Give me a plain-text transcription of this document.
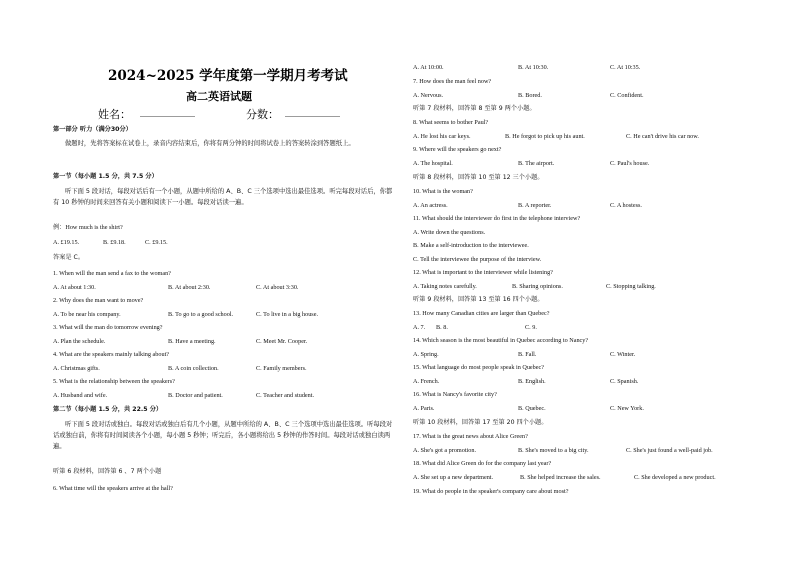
2024~2025 学年度第一学期月考考试
高二英语试题
姓名： ___________	分数： ___________
第一部分 听力（满分30分）
做题时，先将答案标在试卷上，录音内容结束后，你将有两分钟的时间将试卷上的答案转涂到答题纸上。
第一节（每小题 1.5 分，共 7.5 分）
听下面 5 段对话，每段对话后有一个小题，从题中所给的 A、B、C 三个选项中选出最佳选项。听完每段对话后，你都有 10 秒钟的时间来回答有关小题和阅读下一小题。每段对话读一遍。
例：How much is the shirt?
A. £19.15.	B. £9.18.	C. £9.15.
答案是 C。
1. When will the man send a fax to the woman?
A. At about 1:30.	B. At about 2:30.	C. At about 3:30.
2. Why does the man want to move?
A. To be near his company.	B. To go to a good school.	C. To live in a big house.
3. What will the man do tomorrow evening?
A. Plan the schedule.	B. Have a meeting.	C. Meet Mr. Cooper.
4. What are the speakers mainly talking about?
A. Christmas gifts.	B. A coin collection.	C. Family members.
5. What is the relationship between the speakers?
A. Husband and wife.	B. Doctor and patient.	C. Teacher and student.
第二节（每小题 1.5 分，共 22.5 分）
听下面 5 段对话或独白。每段对话或独白后有几个小题，从题中所给的 A、B、C 三个选项中选出最佳选项。听每段对话或独白前，你将有时间阅读各个小题，每小题 5 秒钟；听完后，各小题将给出 5 秒钟的作答时间。每段对话或独白读两遍。
听第 6 段材料，回答第 6 、7 两个小题
6. What time will the speakers arrive at the hall?
A. At 10:00.	B. At 10:30.	C. At 10:35.
7. How does the man feel now?
A. Nervous.	B. Bored.	C. Confident.
听第 7 段材料，回答第 8 至第 9 两个小题。
8. What seems to bother Paul?
A. He lost his car keys.	B. He forgot to pick up his aunt.	C. He can't drive his car now.
9. Where will the speakers go next?
A. The hospital.	B. The airport.	C. Paul's house.
听第 8 段材料，回答第 10 至第 12 三个小题。
10. What is the woman?
A. An actress.	B. A reporter.	C. A hostess.
11. What should the interviewer do first in the telephone interview?
A. Write down the questions.
B. Make a self-introduction to the interviewee.
C. Tell the interviewee the purpose of the interview.
12. What is important to the interviewer while listening?
A. Taking notes carefully.	B. Sharing opinions.	C. Stopping talking.
听第 9 段材料，回答第 13 至第 16 四个小题。
13. How many Canadian cities are larger than Quebec?
A. 7. B. 8.	C. 9.
14. Which season is the most beautiful in Quebec according to Nancy?
A. Spring.	B. Fall.	C. Winter.
15. What language do most people speak in Quebec?
A. French.	B. English.	C. Spanish.
16. What is Nancy's favorite city?
A. Paris.	B. Quebec.	C. New York.
听第 10 段材料，回答第 17 至第 20 四个小题。
17. What is the great news about Alice Green?
A. She's got a promotion.	B. She's moved to a big city.	C. She's just found a well-paid job.
18. What did Alice Green do for the company last year?
A. She set up a new department.	B. She helped increase the sales.	C. She developed a new product.
19. What do people in the speaker's company care about most?
